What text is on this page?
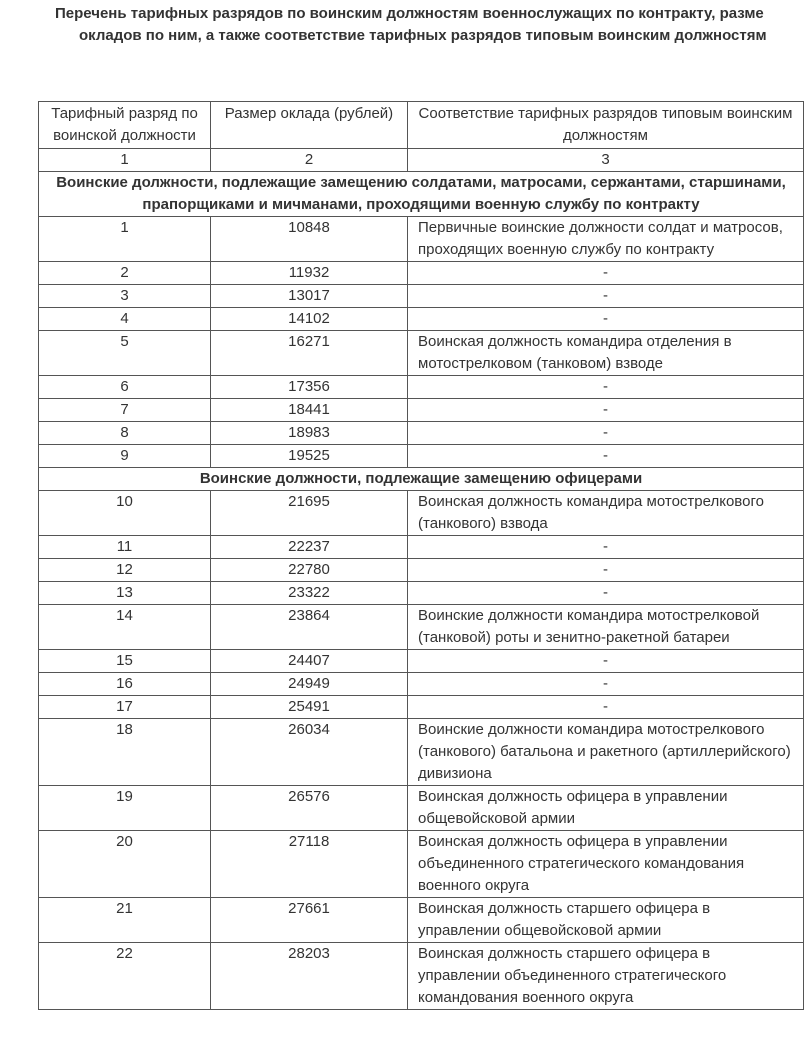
Перечень тарифных разрядов по воинским должностям военнослужащих по контракту, разме
окладов по ним, а также соответствие тарифных разрядов типовым воинским должностям
Тарифный разряд по воинской должности	Размер оклада (рублей)	Соответствие тарифных разрядов типовым воинским должностям
1	2	3
Воинские должности, подлежащие замещению солдатами, матросами, сержантами, старшинами, прапорщиками и мичманами, проходящими военную службу по контракту		
1	10848	Первичные воинские должности солдат и матросов, проходящих военную службу по контракту
2	11932	-
3	13017	-
4	14102	-
5	16271	Воинская должность командира отделения в мотострелковом (танковом) взводе
6	17356	-
7	18441	-
8	18983	-
9	19525	-
Воинские должности, подлежащие замещению офицерами		
10	21695	Воинская должность командира мотострелкового (танкового) взвода
11	22237	-
12	22780	-
13	23322	-
14	23864	Воинские должности командира мотострелковой (танковой) роты и зенитно-ракетной батареи
15	24407	-
16	24949	-
17	25491	-
18	26034	Воинские должности командира мотострелкового (танкового) батальона и ракетного (артиллерийского) дивизиона
19	26576	Воинская должность офицера в управлении общевойсковой армии
20	27118	Воинская должность офицера в управлении объединенного стратегического командования военного округа
21	27661	Воинская должность старшего офицера в управлении общевойсковой армии
22	28203	Воинская должность старшего офицера в управлении объединенного стратегического командования военного округа
